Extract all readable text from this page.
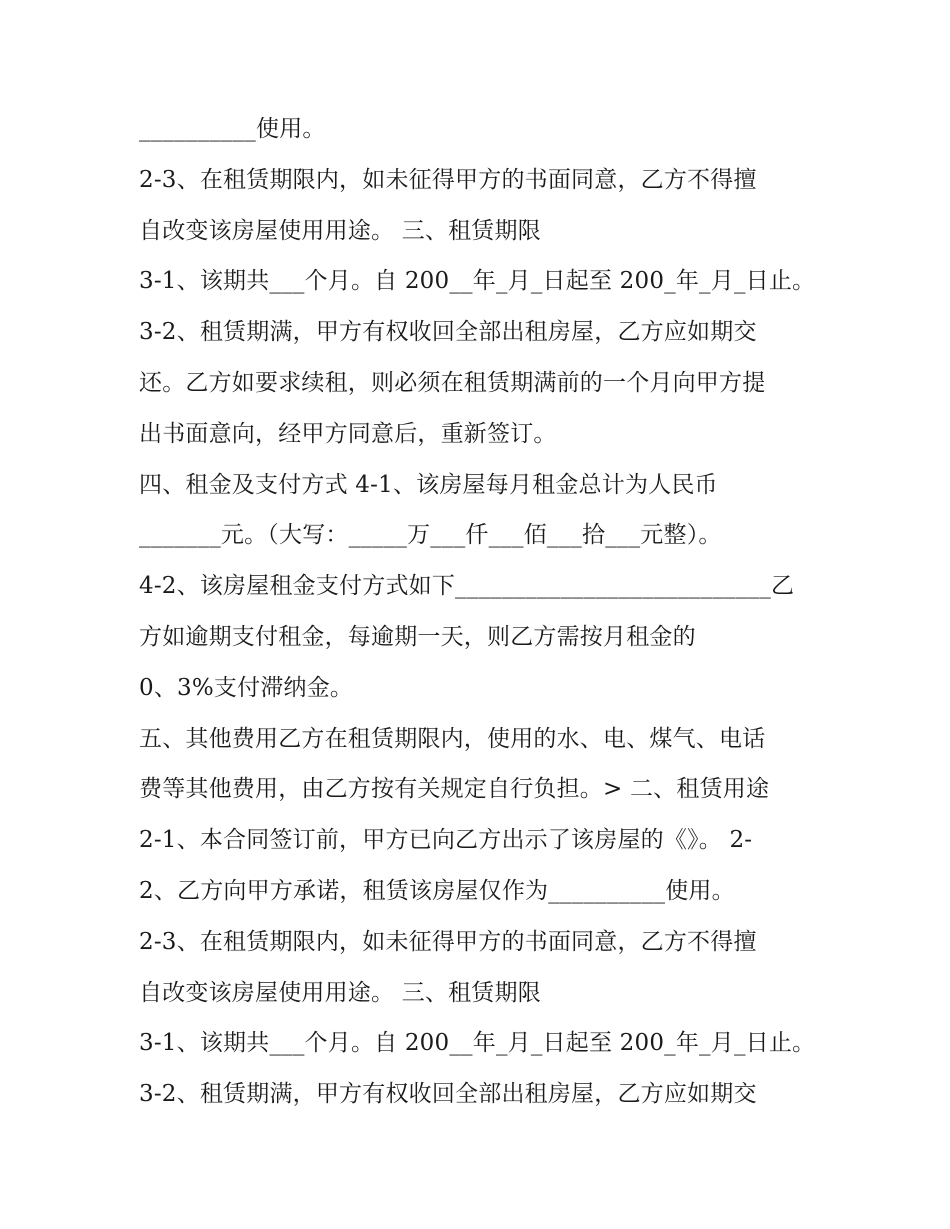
__________使用。
2-3、在租赁期限内，如未征得甲方的书面同意，乙方不得擅
自改变该房屋使用用途。 三、租赁期限
3-1、该期共___个月。自 200__年_月_日起至 200_年_月_日止。
3-2、租赁期满，甲方有权收回全部出租房屋，乙方应如期交
还。乙方如要求续租，则必须在租赁期满前的一个月向甲方提
出书面意向，经甲方同意后，重新签订。
四、租金及支付方式 4-1、该房屋每月租金总计为人民币
_______元。（大写：_____万___仟___佰___拾___元整）。
4-2、该房屋租金支付方式如下___________________________乙
方如逾期支付租金，每逾期一天，则乙方需按月租金的
0、3%支付滞纳金。
五、其他费用乙方在租赁期限内，使用的水、电、煤气、电话
费等其他费用，由乙方按有关规定自行负担。> 二、租赁用途
2-1、本合同签订前，甲方已向乙方出示了该房屋的《》。 2-
2、乙方向甲方承诺，租赁该房屋仅作为__________使用。
2-3、在租赁期限内，如未征得甲方的书面同意，乙方不得擅
自改变该房屋使用用途。 三、租赁期限
3-1、该期共___个月。自 200__年_月_日起至 200_年_月_日止。
3-2、租赁期满，甲方有权收回全部出租房屋，乙方应如期交
